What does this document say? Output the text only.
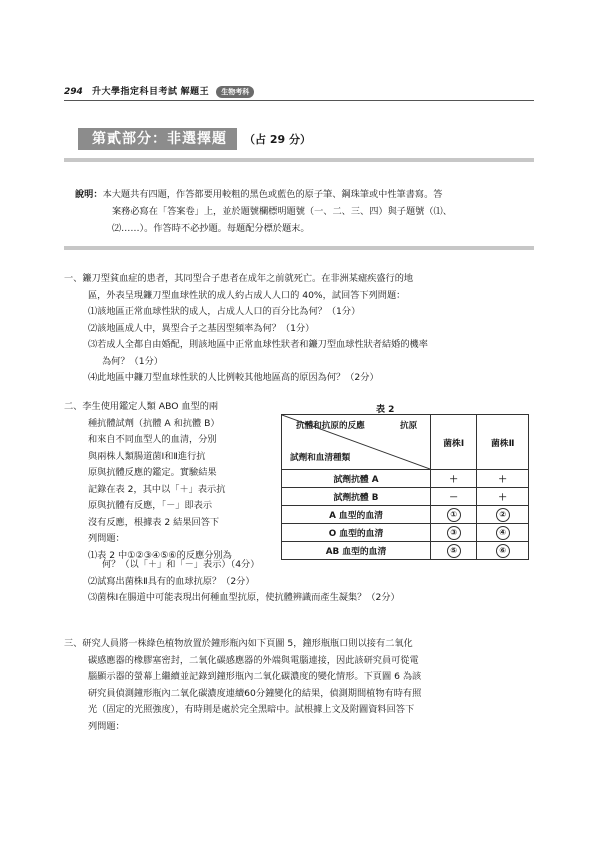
294 升大學指定科目考試 解題王 生物考科
第貳部分：非選擇題	（占 29 分）
說明：本大題共有四題，作答都要用較粗的黑色或藍色的原子筆、鋼珠筆或中性筆書寫。答
案務必寫在「答案卷」上，並於題號欄標明題號（一、二、三、四）與子題號（⑴、
⑵……）。作答時不必抄題。每題配分標於題末。
一、鐮刀型貧血症的患者，其同型合子患者在成年之前就死亡。在非洲某瘧疾盛行的地
區，外表呈現鐮刀型血球性狀的成人約占成人人口的 40%，試回答下列問題：
⑴該地區正常血球性狀的成人，占成人人口的百分比為何？（1分）
⑵該地區成人中，異型合子之基因型頻率為何？（1分）
⑶若成人全都自由婚配，則該地區中正常血球性狀者和鐮刀型血球性狀者結婚的機率
為何？（1分）
⑷此地區中鐮刀型血球性狀的人比例較其他地區高的原因為何？（2分）
二、李生使用鑑定人類 ABO 血型的兩
種抗體試劑（抗體 A 和抗體 B）
和來自不同血型人的血清，分別
與兩株人類腸道菌Ⅰ和Ⅱ進行抗
原與抗體反應的鑑定。實驗結果
記錄在表 2，其中以「＋」表示抗
原與抗體有反應，「－」即表示
沒有反應，根據表 2 結果回答下
列問題：
⑴表 2 中①②③④⑤⑥的反應分別為
何？（以「＋」和「－」表示）（4分）
⑵試寫出菌株Ⅱ具有的血球抗原？（2分）
⑶菌株Ⅰ在腸道中可能表現出何種血型抗原，使抗體辨識而產生凝集？（2分）
表 2
抗體和抗原的反應 抗原
試劑和血清種類	菌株Ⅰ	菌株Ⅱ
試劑抗體 A	＋	＋
試劑抗體 B	－	＋
A 血型的血清	①	②
O 血型的血清	③	④
AB 血型的血清	⑤	⑥
三、研究人員將一株綠色植物放置於鐘形瓶內如下頁圖 5，鐘形瓶瓶口則以接有二氧化
碳感應器的橡膠塞密封，二氧化碳感應器的外端與電腦連接，因此該研究員可從電
腦顯示器的螢幕上繼續並記錄到鐘形瓶內二氧化碳濃度的變化情形。下頁圖 6 為該
研究員偵測鐘形瓶內二氧化碳濃度連續60分鐘變化的結果，偵測期間植物有時有照
光（固定的光照強度），有時則是處於完全黑暗中。試根據上文及附圖資料回答下
列問題：
